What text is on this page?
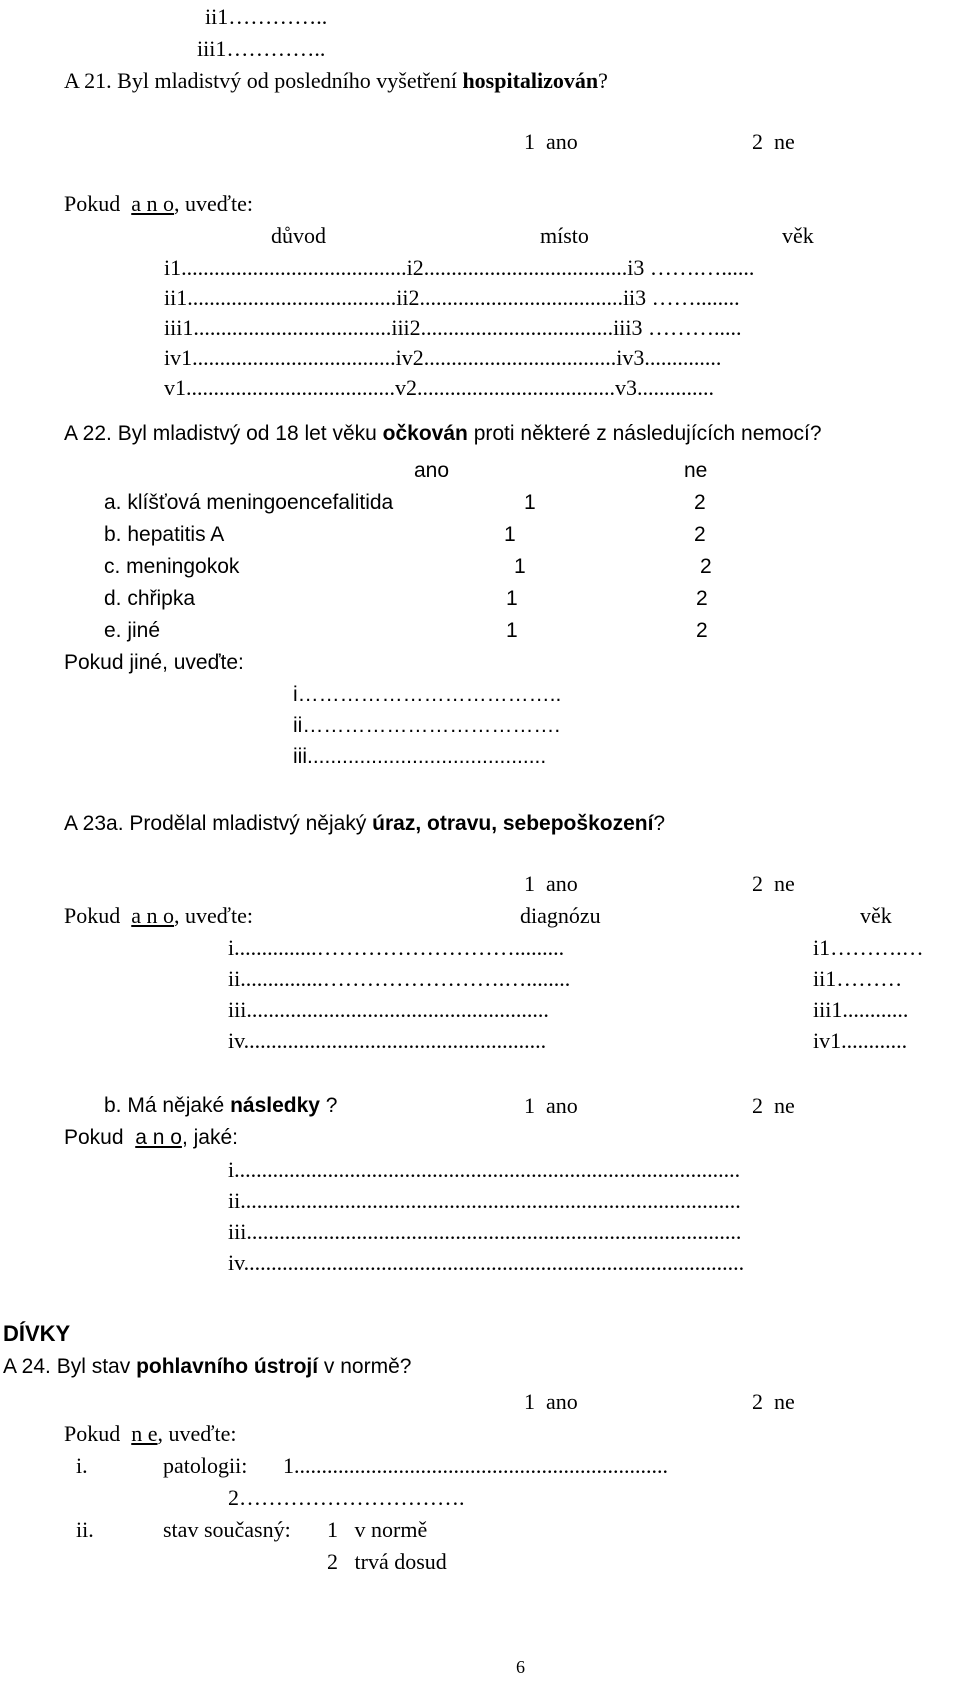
ii1…………..
iii1…………..
A 21. Byl mladistvý od posledního vyšetření hospitalizován?
1  ano	2  ne
Pokud  a n o, uveďte:
důvod	místo	věk
i1.........................................i2.....................................i3 …….…......
ii1......................................ii2.....................................ii3 ……........
iii1....................................iii2...................................iii3 ……….....
iv1.....................................iv2...................................iv3..............
v1......................................v2....................................v3..............
A 22. Byl mladistvý od 18 let věku očkován proti některé z následujících nemocí?
ano	ne
a. klíšťová meningoencefalitida	1	2
b. hepatitis A	1	2
c. meningokok	1	2
d. chřipka	1	2
e. jiné	1	2
Pokud jiné, uveďte:
i………………………………..
ii……………………………….
iii.........................................
A 23a. Prodělal mladistvý nějaký úraz, otravu, sebepoškození?
1  ano	2  ne
Pokud  a n o, uveďte:	diagnózu	věk
i...............……………………….........	i1……….…
ii...............…………………….…........	ii1………
iii.......................................................	iii1............
iv.......................................................	iv1............
b. Má nějaké následky ?	1  ano	2  ne
Pokud  a n o, jaké:
i............................................................................................
ii...........................................................................................
iii..........................................................................................
iv...........................................................................................
DÍVKY
A 24. Byl stav pohlavního ústrojí v normě?
1  ano	2  ne
Pokud  n e, uveďte:
i.	patologii: 1....................................................................
2………………………….
ii.	stav současný: 1   v normě
2   trvá dosud
6
